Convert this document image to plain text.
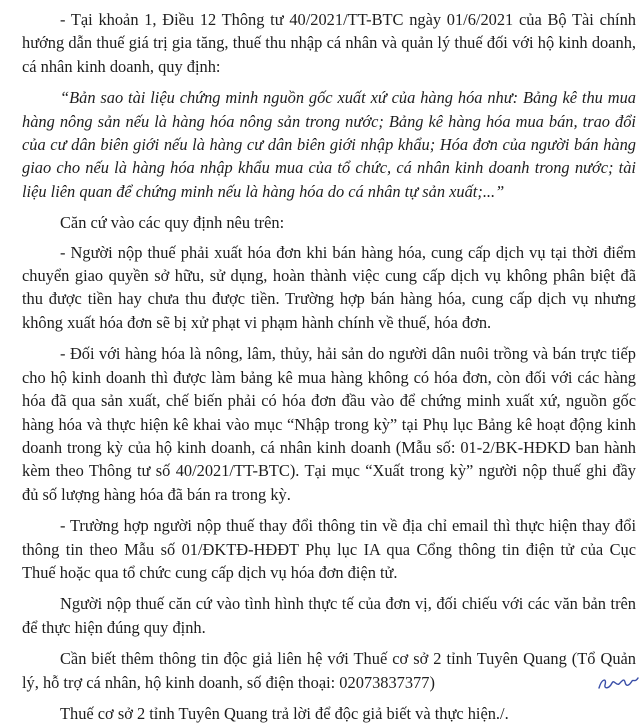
- Tại khoản 1, Điều 12 Thông tư 40/2021/TT-BTC ngày 01/6/2021 của Bộ Tài chính hướng dẫn thuế giá trị gia tăng, thuế thu nhập cá nhân và quản lý thuế đối với hộ kinh doanh, cá nhân kinh doanh, quy định:

“Bản sao tài liệu chứng minh nguồn gốc xuất xứ của hàng hóa như: Bảng kê thu mua hàng nông sản nếu là hàng hóa nông sản trong nước; Bảng kê hàng hóa mua bán, trao đổi của cư dân biên giới nếu là hàng cư dân biên giới nhập khẩu; Hóa đơn của người bán hàng giao cho nếu là hàng hóa nhập khẩu mua của tổ chức, cá nhân kinh doanh trong nước; tài liệu liên quan để chứng minh nếu là hàng hóa do cá nhân tự sản xuất;...”

Căn cứ vào các quy định nêu trên:

- Người nộp thuế phải xuất hóa đơn khi bán hàng hóa, cung cấp dịch vụ tại thời điểm chuyển giao quyền sở hữu, sử dụng, hoàn thành việc cung cấp dịch vụ không phân biệt đã thu được tiền hay chưa thu được tiền. Trường hợp bán hàng hóa, cung cấp dịch vụ nhưng không xuất hóa đơn sẽ bị xử phạt vi phạm hành chính về thuế, hóa đơn.

- Đối với hàng hóa là nông, lâm, thủy, hải sản do người dân nuôi trồng và bán trực tiếp cho hộ kinh doanh thì được làm bảng kê mua hàng không có hóa đơn, còn đối với các hàng hóa đã qua sản xuất, chế biến phải có hóa đơn đầu vào để chứng minh xuất xứ, nguồn gốc hàng hóa và thực hiện kê khai vào mục “Nhập trong kỳ” tại Phụ lục Bảng kê hoạt động kinh doanh trong kỳ của hộ kinh doanh, cá nhân kinh doanh (Mẫu số: 01-2/BK-HĐKD ban hành kèm theo Thông tư số 40/2021/TT-BTC). Tại mục “Xuất trong kỳ” người nộp thuế ghi đầy đủ số lượng hàng hóa đã bán ra trong kỳ.

- Trường hợp người nộp thuế thay đổi thông tin về địa chỉ email thì thực hiện thay đổi thông tin theo Mẫu số 01/ĐKTĐ-HĐĐT Phụ lục IA qua Cổng thông tin điện tử của Cục Thuế hoặc qua tổ chức cung cấp dịch vụ hóa đơn điện tử.

Người nộp thuế căn cứ vào tình hình thực tế của đơn vị, đối chiếu với các văn bản trên để thực hiện đúng quy định.

Cần biết thêm thông tin độc giả liên hệ với Thuế cơ sở 2 tỉnh Tuyên Quang (Tổ Quản lý, hỗ trợ cá nhân, hộ kinh doanh, số điện thoại: 02073837377)

Thuế cơ sở 2 tỉnh Tuyên Quang trả lời để độc giả biết và thực hiện./.
